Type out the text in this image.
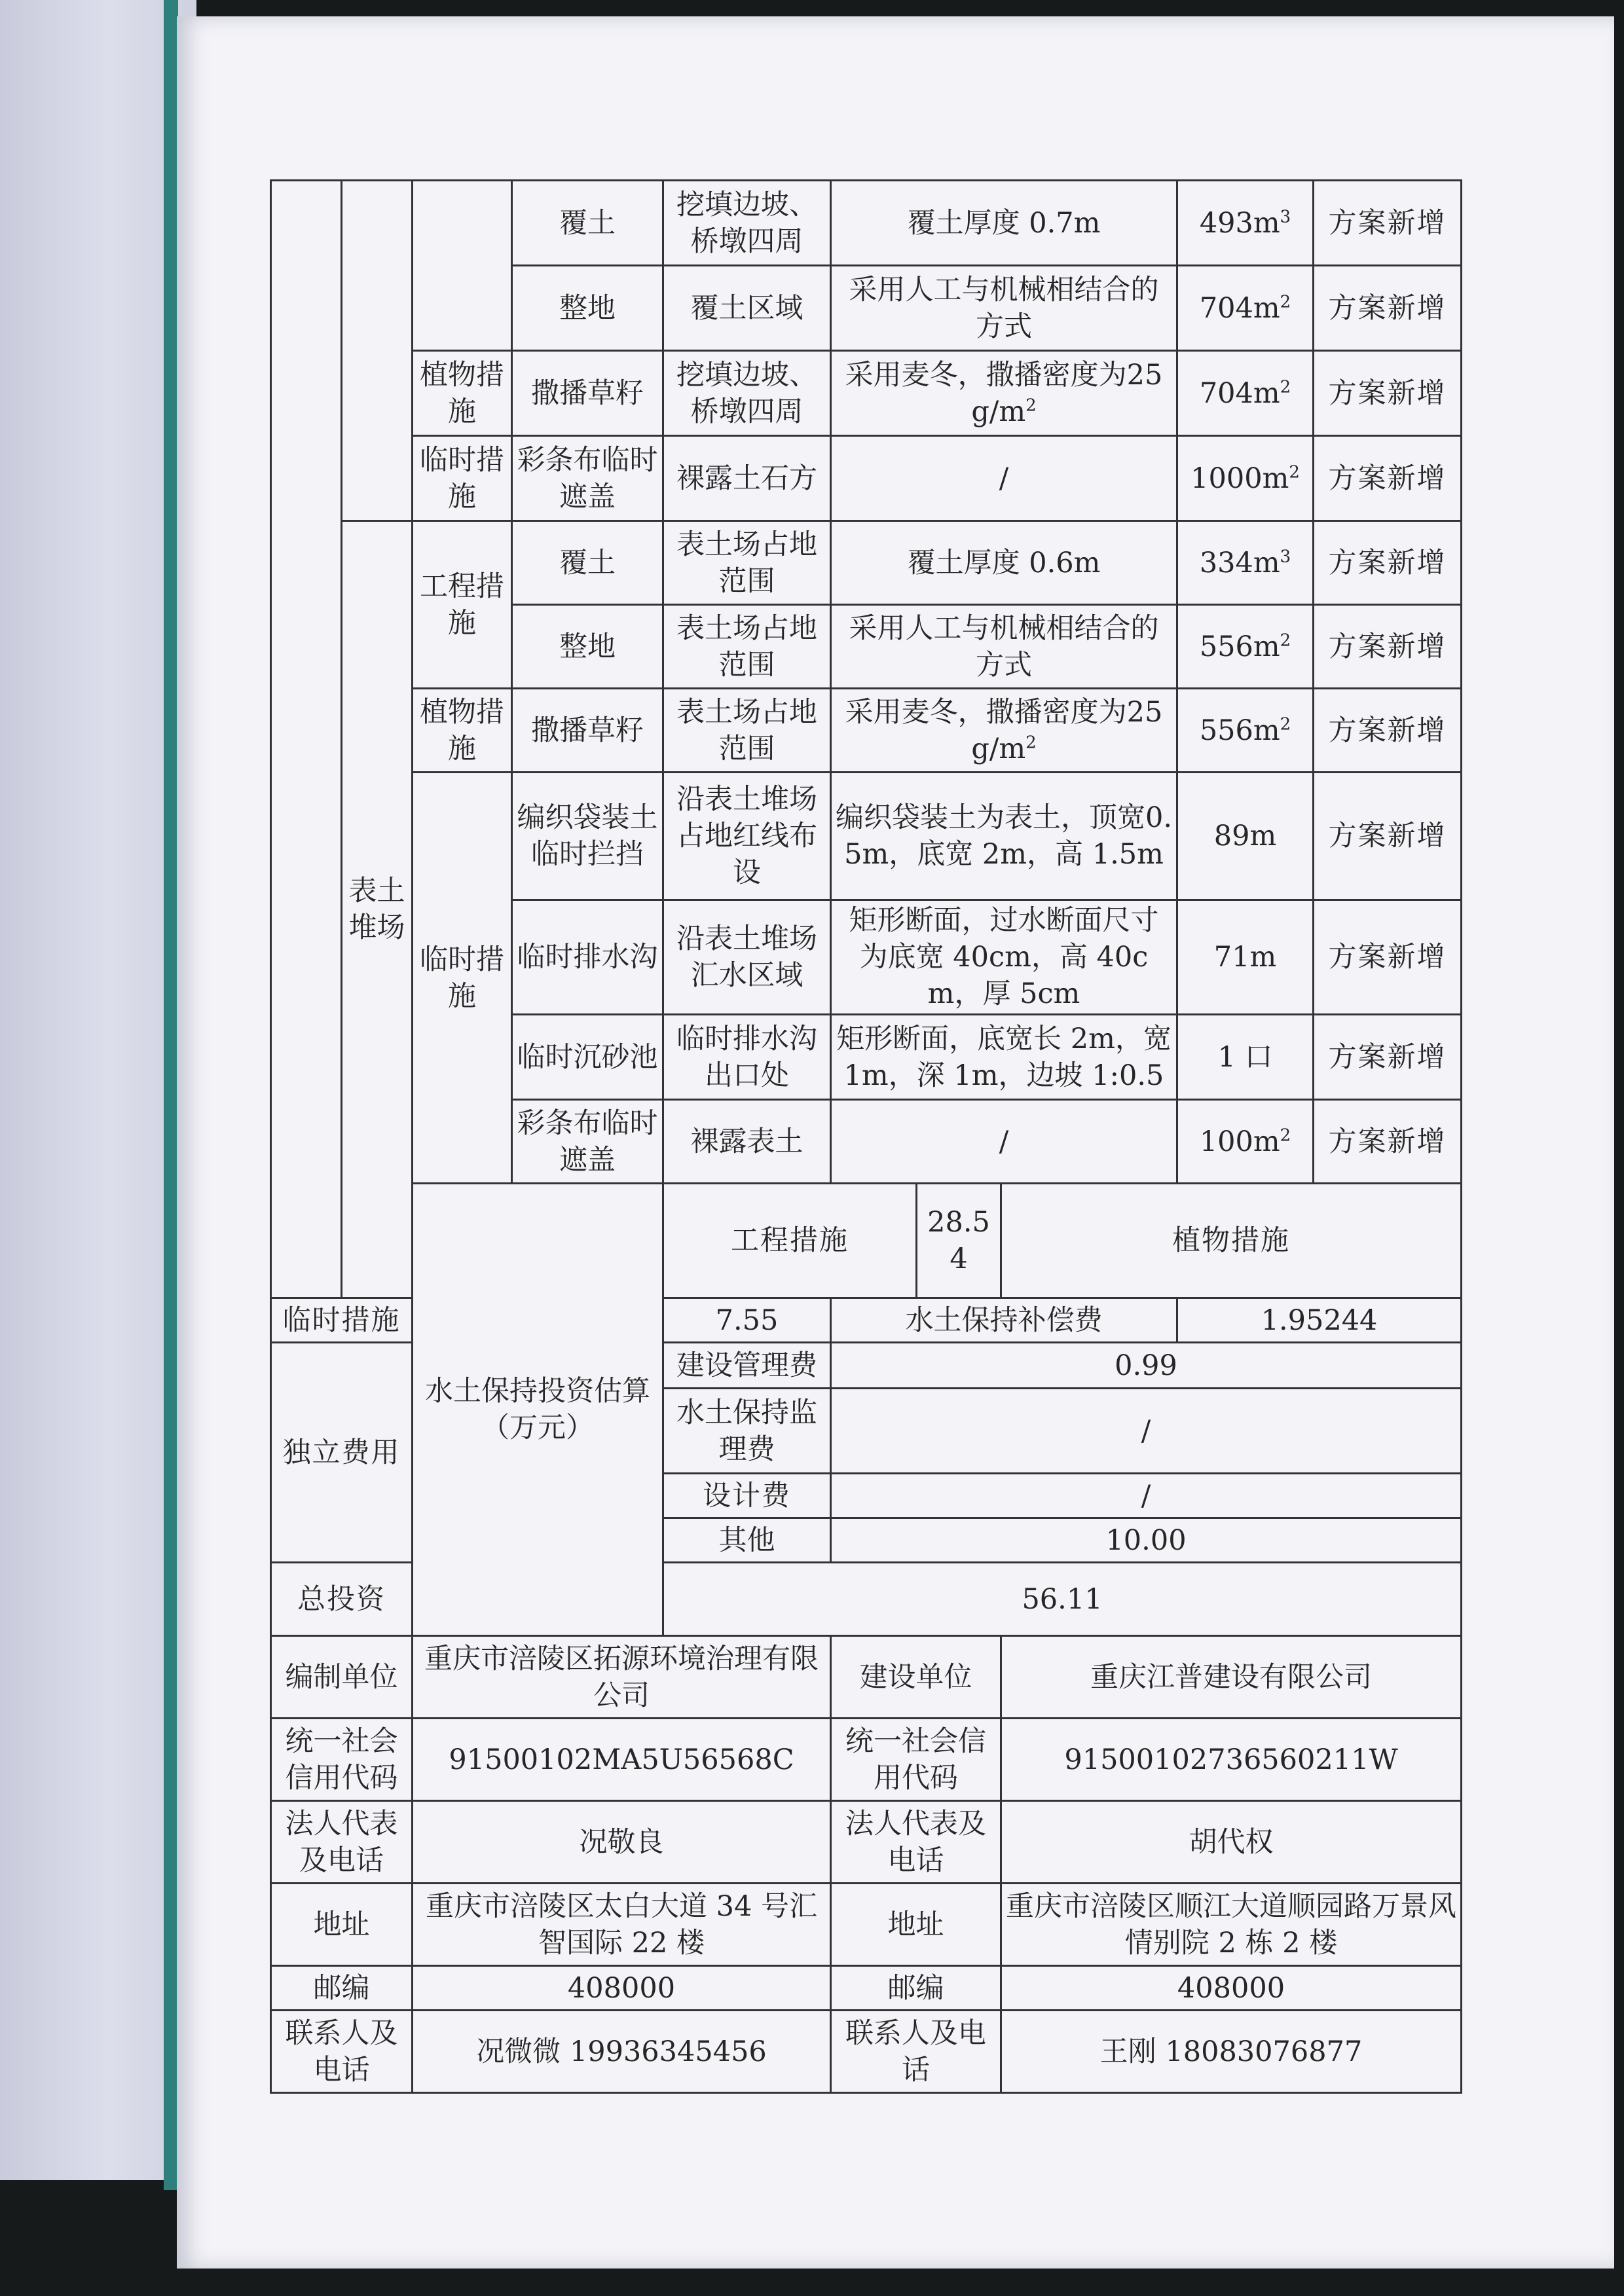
			覆土	挖填边坡、桥墩四周	覆土厚度 0.7m			$493m^3$	方案新增	
			整地	覆土区域	采用人工与机械相结合的方式			$704m^2$	方案新增	
		植物措施	撒播草籽	挖填边坡、桥墩四周	采用麦冬，撒播密度为$25g/m^2$			$704m^2$	方案新增	
		临时措施	彩条布临时遮盖	裸露土石方	/			$1000m^2$	方案新增	
	表土堆场	工程措施	覆土	表土场占地范围	覆土厚度 0.6m			$334m^3$	方案新增	
			整地	表土场占地范围	采用人工与机械相结合的方式			$556m^2$	方案新增	
		植物措施	撒播草籽	表土场占地范围	采用麦冬，撒播密度为$25g/m^2$			$556m^2$	方案新增	
		临时措施	编织袋装土临时拦挡	沿表土堆场占地红线布设	编织袋装土为表土，顶宽0.5m，底宽 2m，高 1.5m			89m	方案新增	
			临时排水沟	沿表土堆场汇水区域	矩形断面，过水断面尺寸为底宽 40cm，高 40cm，厚 5cm			71m	方案新增	
			临时沉砂池	临时排水沟出口处	矩形断面，底宽长 2m，宽1m，深 1m，边坡 1:0.5			1 口	方案新增	
			彩条布临时遮盖	裸露表土	/			$100m^2$	方案新增	
		水土保持投资估算（万元）		工程措施		28.54	植物措施	
临时措施				7.55	水土保持补偿费			1.95244		
独立费用				建设管理费	0.99					
				水土保持监理费	/					
				设计费	/					
				其他	10.00					
总投资				56.11						
编制单位		重庆市涪陵区拓源环境治理有限公司			建设单位		重庆江普建设有限公司			
统一社会信用代码		91500102MA5U56568C			统一社会信用代码		91500102736560211W			
法人代表及电话		况敬良			法人代表及电话		胡代权			
地址		重庆市涪陵区太白大道 34 号汇智国际 22 楼			地址		重庆市涪陵区顺江大道顺园路万景风情别院 2 栋 2 楼			
邮编		408000			邮编		408000			
联系人及电话		况微微 19936345456			联系人及电话		王刚 18083076877			
